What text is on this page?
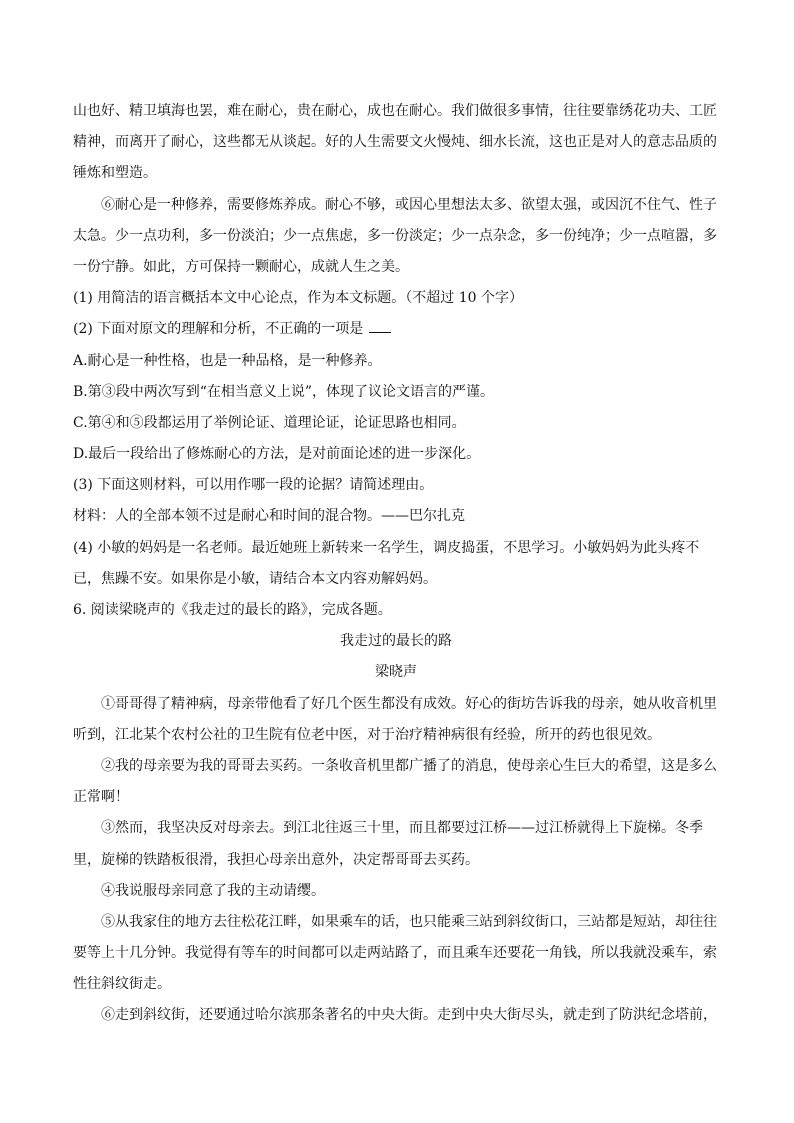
山也好、精卫填海也罢，难在耐心，贵在耐心，成也在耐心。我们做很多事情，往往要靠绣花功夫、工匠
精神，而离开了耐心，这些都无从谈起。好的人生需要文火慢炖、细水长流，这也正是对人的意志品质的
锤炼和塑造。
⑥耐心是一种修养，需要修炼养成。耐心不够，或因心里想法太多、欲望太强，或因沉不住气、性子
太急。少一点功利，多一份淡泊；少一点焦虑，多一份淡定；少一点杂念，多一份纯净；少一点喧嚣，多
一份宁静。如此，方可保持一颗耐心，成就人生之美。
(1) 用简洁的语言概括本文中心论点，作为本文标题。（不超过 10 个字）
(2) 下面对原文的理解和分析，不正确的一项是
A.耐心是一种性格，也是一种品格，是一种修养。
B.第③段中两次写到“在相当意义上说”，体现了议论文语言的严谨。
C.第④和⑤段都运用了举例论证、道理论证，论证思路也相同。
D.最后一段给出了修炼耐心的方法，是对前面论述的进一步深化。
(3) 下面这则材料，可以用作哪一段的论据？请简述理由。
材料：人的全部本领不过是耐心和时间的混合物。——巴尔扎克
(4) 小敏的妈妈是一名老师。最近她班上新转来一名学生，调皮捣蛋，不思学习。小敏妈妈为此头疼不
已，焦躁不安。如果你是小敏，请结合本文内容劝解妈妈。
6. 阅读梁晓声的《我走过的最长的路》，完成各题。
我走过的最长的路
梁晓声
①哥哥得了精神病，母亲带他看了好几个医生都没有成效。好心的街坊告诉我的母亲，她从收音机里
听到，江北某个农村公社的卫生院有位老中医，对于治疗精神病很有经验，所开的药也很见效。
②我的母亲要为我的哥哥去买药。一条收音机里都广播了的消息，使母亲心生巨大的希望，这是多么
正常啊！
③然而，我坚决反对母亲去。到江北往返三十里，而且都要过江桥——过江桥就得上下旋梯。冬季
里，旋梯的铁踏板很滑，我担心母亲出意外，决定帮哥哥去买药。
④我说服母亲同意了我的主动请缨。
⑤从我家住的地方去往松花江畔，如果乘车的话，也只能乘三站到斜纹街口，三站都是短站，却往往
要等上十几分钟。我觉得有等车的时间都可以走两站路了，而且乘车还要花一角钱，所以我就没乘车，索
性往斜纹街走。
⑥走到斜纹街，还要通过哈尔滨那条著名的中央大街。走到中央大街尽头，就走到了防洪纪念塔前，
